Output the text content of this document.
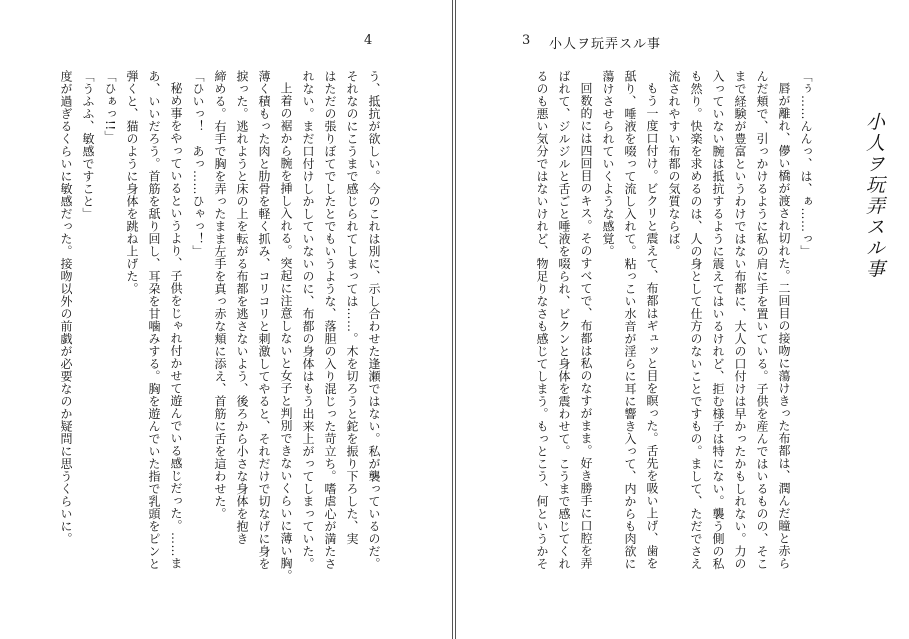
4
う、抵抗が欲しい。今のこれは別に、示し合わせた逢瀬ではない。私が襲っているのだ。
それなのにこうまで感じられてしまっては……。木を切ろうと鉈を振り下ろした、実
はただの張りぼてでしたとでもいうような、落胆の入り混じった苛立ち。嗜虐心が満たさ
れない。まだ口付けしかしていないのに、布都の身体はもう出来上がってしまっていた。
上着の裾から腕を挿し入れる。突起に注意しないと女子と判別できないくらいに薄い胸。
薄く積もった肉と肋骨を軽く抓み、コリコリと刺激してやると、それだけで切なげに身を
捩った。逃れようと床の上を転がる布都を逃さないよう、後ろから小さな身体を抱き
締める。右手で胸を弄ったまま左手を真っ赤な頬に添え、首筋に舌を這わせた。
「ひいっ！　あっ……ひゃっ！」
秘め事をやっているというより、子供をじゃれ付かせて遊んでいる感じだった。……ま
あ、いいだろう。首筋を舐り回し、耳朶を甘噛みする。胸を遊んでいた指で乳頭をピンと
弾くと、猫のように身体を跳ね上げた。
「ひぁっ!!」
「うふふ、敏感ですこと」
度が過ぎるくらいに敏感だった。接吻以外の前戯が必要なのか疑問に思うくらいに。
3 小人ヲ玩弄スル事
小人ヲ玩弄スル事
「ぅ……んんっ、は、ぁ……っ」
唇が離れ、儚い橋が渡され切れた。二回目の接吻に蕩けきった布都は、潤んだ瞳と赤ら
んだ頬で、引っかけるように私の肩に手を置いている。子供を産んではいるものの、そこ
まで経験が豊富というわけではない布都に、大人の口付けは早かったかもしれない。力の
入っていない腕は抵抗するように震えてはいるけれど、拒む様子は特にない。襲う側の私
も然り。快楽を求めるのは、人の身として仕方のないことですもの。まして、ただでさえ
流されやすい布都の気質ならば。
もう一度口付け。ビクリと震えて、布都はギュッと目を瞑った。舌先を吸い上げ、歯を
舐り、唾液を啜って流し入れて。粘っこい水音が淫らに耳に響き入って、内からも肉欲に
蕩けさせられていくような感覚。
回数的には四回目のキス。そのすべてで、布都は私のなすがまま。好き勝手に口腔を弄
ばれて、ジルジルと舌ごと唾液を啜られ、ビクンと身体を震わせて。こうまで感じてくれ
るのも悪い気分ではないけれど、物足りなさも感じてしまう。もっとこう、何というかそ
